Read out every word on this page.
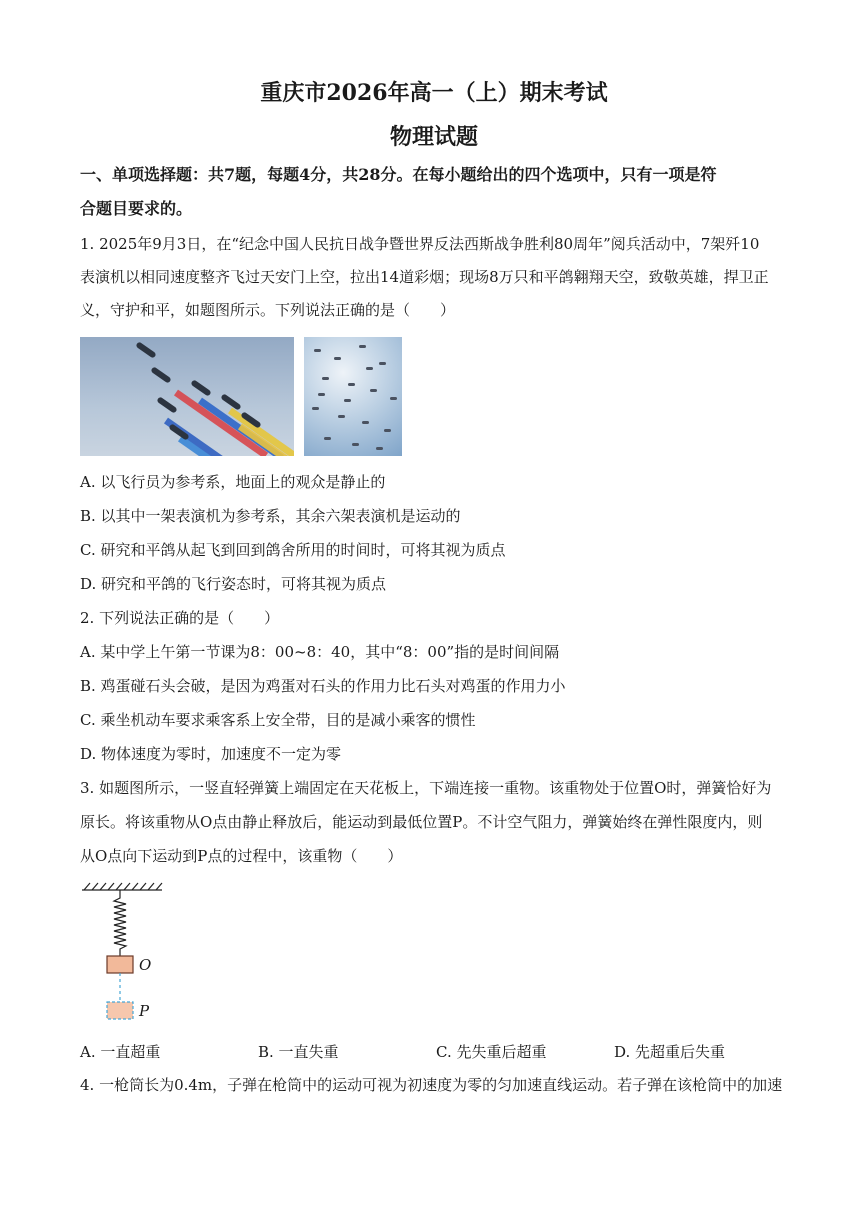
重庆市2026年高一（上）期末考试
物理试题
一、单项选择题：共7题，每题4分，共28分。在每小题给出的四个选项中，只有一项是符
合题目要求的。
1. 2025年9月3日，在“纪念中国人民抗日战争暨世界反法西斯战争胜利80周年”阅兵活动中，7架歼10
表演机以相同速度整齐飞过天安门上空，拉出14道彩烟；现场8万只和平鸽翱翔天空，致敬英雄，捍卫正
义，守护和平，如题图所示。下列说法正确的是（　　）
A. 以飞行员为参考系，地面上的观众是静止的
B. 以其中一架表演机为参考系，其余六架表演机是运动的
C. 研究和平鸽从起飞到回到鸽舍所用的时间时，可将其视为质点
D. 研究和平鸽的飞行姿态时，可将其视为质点
2. 下列说法正确的是（　　）
A. 某中学上午第一节课为8：00~8：40，其中“8：00”指的是时间间隔
B. 鸡蛋碰石头会破，是因为鸡蛋对石头的作用力比石头对鸡蛋的作用力小
C. 乘坐机动车要求乘客系上安全带，目的是减小乘客的惯性
D. 物体速度为零时，加速度不一定为零
3. 如题图所示，一竖直轻弹簧上端固定在天花板上，下端连接一重物。该重物处于位置O时，弹簧恰好为
原长。将该重物从O点由静止释放后，能运动到最低位置P。不计空气阻力，弹簧始终在弹性限度内，则
从O点向下运动到P点的过程中，该重物（　　）
O
P
A. 一直超重	B. 一直失重	C. 先失重后超重	D. 先超重后失重
4. 一枪筒长为0.4m，子弹在枪筒中的运动可视为初速度为零的匀加速直线运动。若子弹在该枪筒中的加速
